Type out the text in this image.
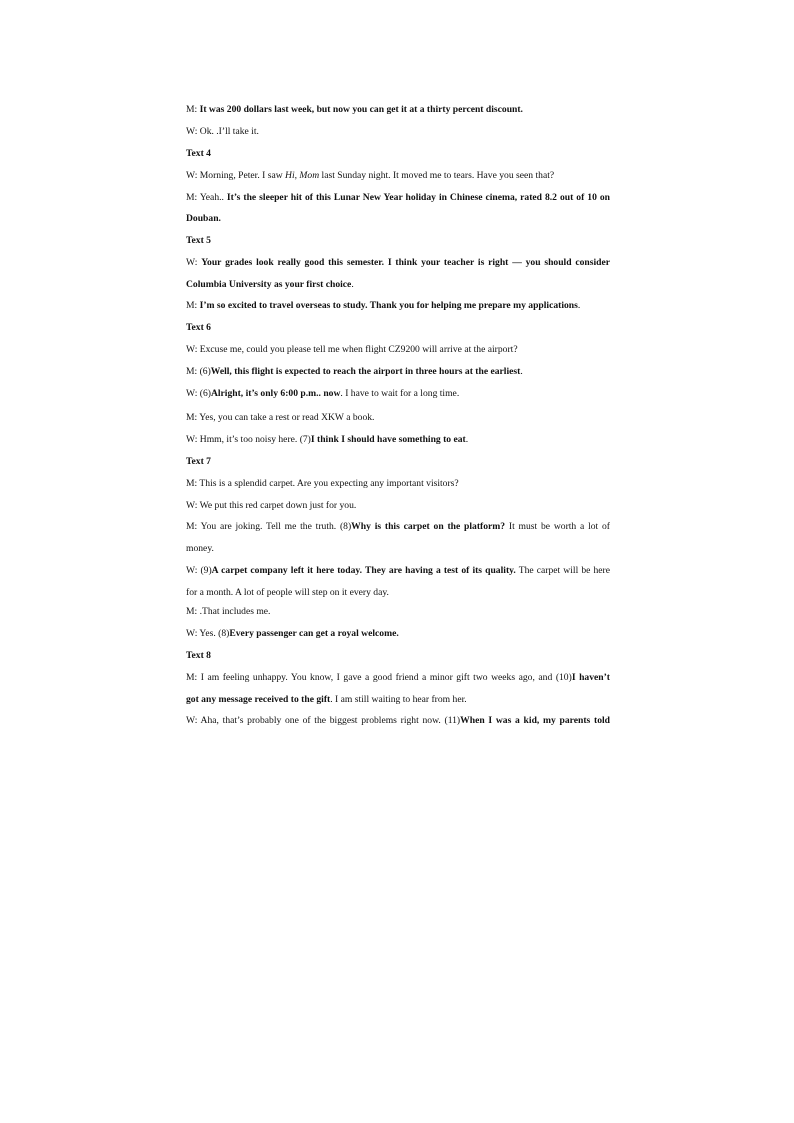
M: It was 200 dollars last week, but now you can get it at a thirty percent discount.
W: Ok. .I’ll take it.
Text 4
W: Morning, Peter. I saw Hi, Mom last Sunday night. It moved me to tears. Have you seen that?
M: Yeah.. It’s the sleeper hit of this Lunar New Year holiday in Chinese cinema, rated 8.2 out of 10 on
Douban.
Text 5
W: Your grades look really good this semester. I think your teacher is right — you should consider
Columbia University as your first choice.
M: I’m so excited to travel overseas to study. Thank you for helping me prepare my applications.
Text 6
W: Excuse me, could you please tell me when flight CZ9200 will arrive at the airport?
M: (6)Well, this flight is expected to reach the airport in three hours at the earliest.
W: (6)Alright, it’s only 6:00 p.m.. now. I have to wait for a long time.
M: Yes, you can take a rest or read XKW a book.
W: Hmm, it’s too noisy here. (7)I think I should have something to eat.
Text 7
M: This is a splendid carpet. Are you expecting any important visitors?
W: We put this red carpet down just for you.
M: You are joking. Tell me the truth. (8)Why is this carpet on the platform? It must be worth a lot of
money.
W: (9)A carpet company left it here today. They are having a test of its quality. The carpet will be here
for a month. A lot of people will step on it every day.
M: .That includes me.
W: Yes. (8)Every passenger can get a royal welcome.
Text 8
M: I am feeling unhappy. You know, I gave a good friend a minor gift two weeks ago, and (10)I haven’t
got any message received to the gift. I am still waiting to hear from her.
W: Aha, that’s probably one of the biggest problems right now. (11)When I was a kid, my parents told
